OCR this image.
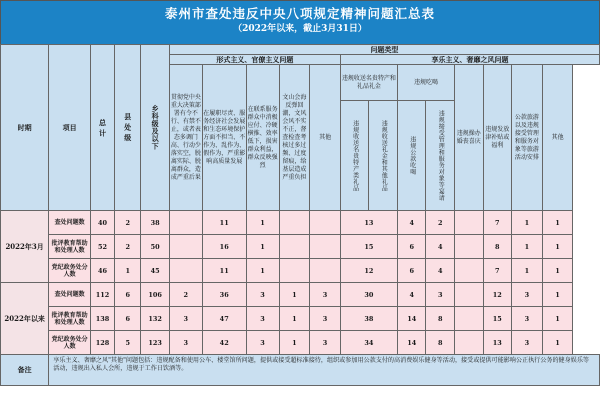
泰州市查处违反中央八项规定精神问题汇总表
（2022年以来，截止3月31日）
时期	项目	总 计	县 处 级	乡科级及以下	问题类型												
					形式主义、官僚主义问题					享乐主义、奢靡之风问题							
					贯彻党中央重大决策部署有令不行、有禁不止，或者表态多调门高、行动少落实空，脱离实际、脱离群众，造成严重后果	在履职尽责、服务经济社会发展和生态环境保护方面不担当、不作为、乱作为、假作为，严重影响高质量发展	在联系服务群众中消极应付、冷硬横推、效率低下，损害群众利益，群众反映强烈	文山会海反弹回潮，文风会风不实不正，督查检查考核过多过频、过度留痕，给基层造成严重负担	其他	违规收送名贵特产和礼品礼金		违规吃喝		违规操办婚丧喜庆	违规发放津补贴或福利	公款旅游以及违规接受管理和服务对象等旅游活动安排	其他

										违规收送名贵特产类礼品	违规收送礼金和其他礼品	违规公款吃喝	违规接受管理和服务对象等宴请				

2022年3月	查处问题数	40	2	38		11	1			13		4	2		7	1	1
	批评教育帮助和处理人数	52	2	50		16	1			15		6	4		8	1	1
	党纪政务处分人数	46	1	45		11	1			12		6	4		7	1	1
2022年以来	查处问题数	112	6	106	2	36	3	1	3	30		4	3		12	3	1
	批评教育帮助和处理人数	138	6	132	3	47	3	1	3	38		14	8		15	3	1
	党纪政务处分人数	128	5	123	3	42	3	1	3	34		14	8		13	3	1
备注	享乐主义、奢靡之风"其他"问题包括：违规配备和使用公车、楼堂馆所问题，提供或接受超标准接待，组织或参加用公款支付的高消费娱乐健身等活动，接受或提供可能影响公正执行公务的健身娱乐等活动，违规出入私人会所，违规于工作日饮酒等。																
